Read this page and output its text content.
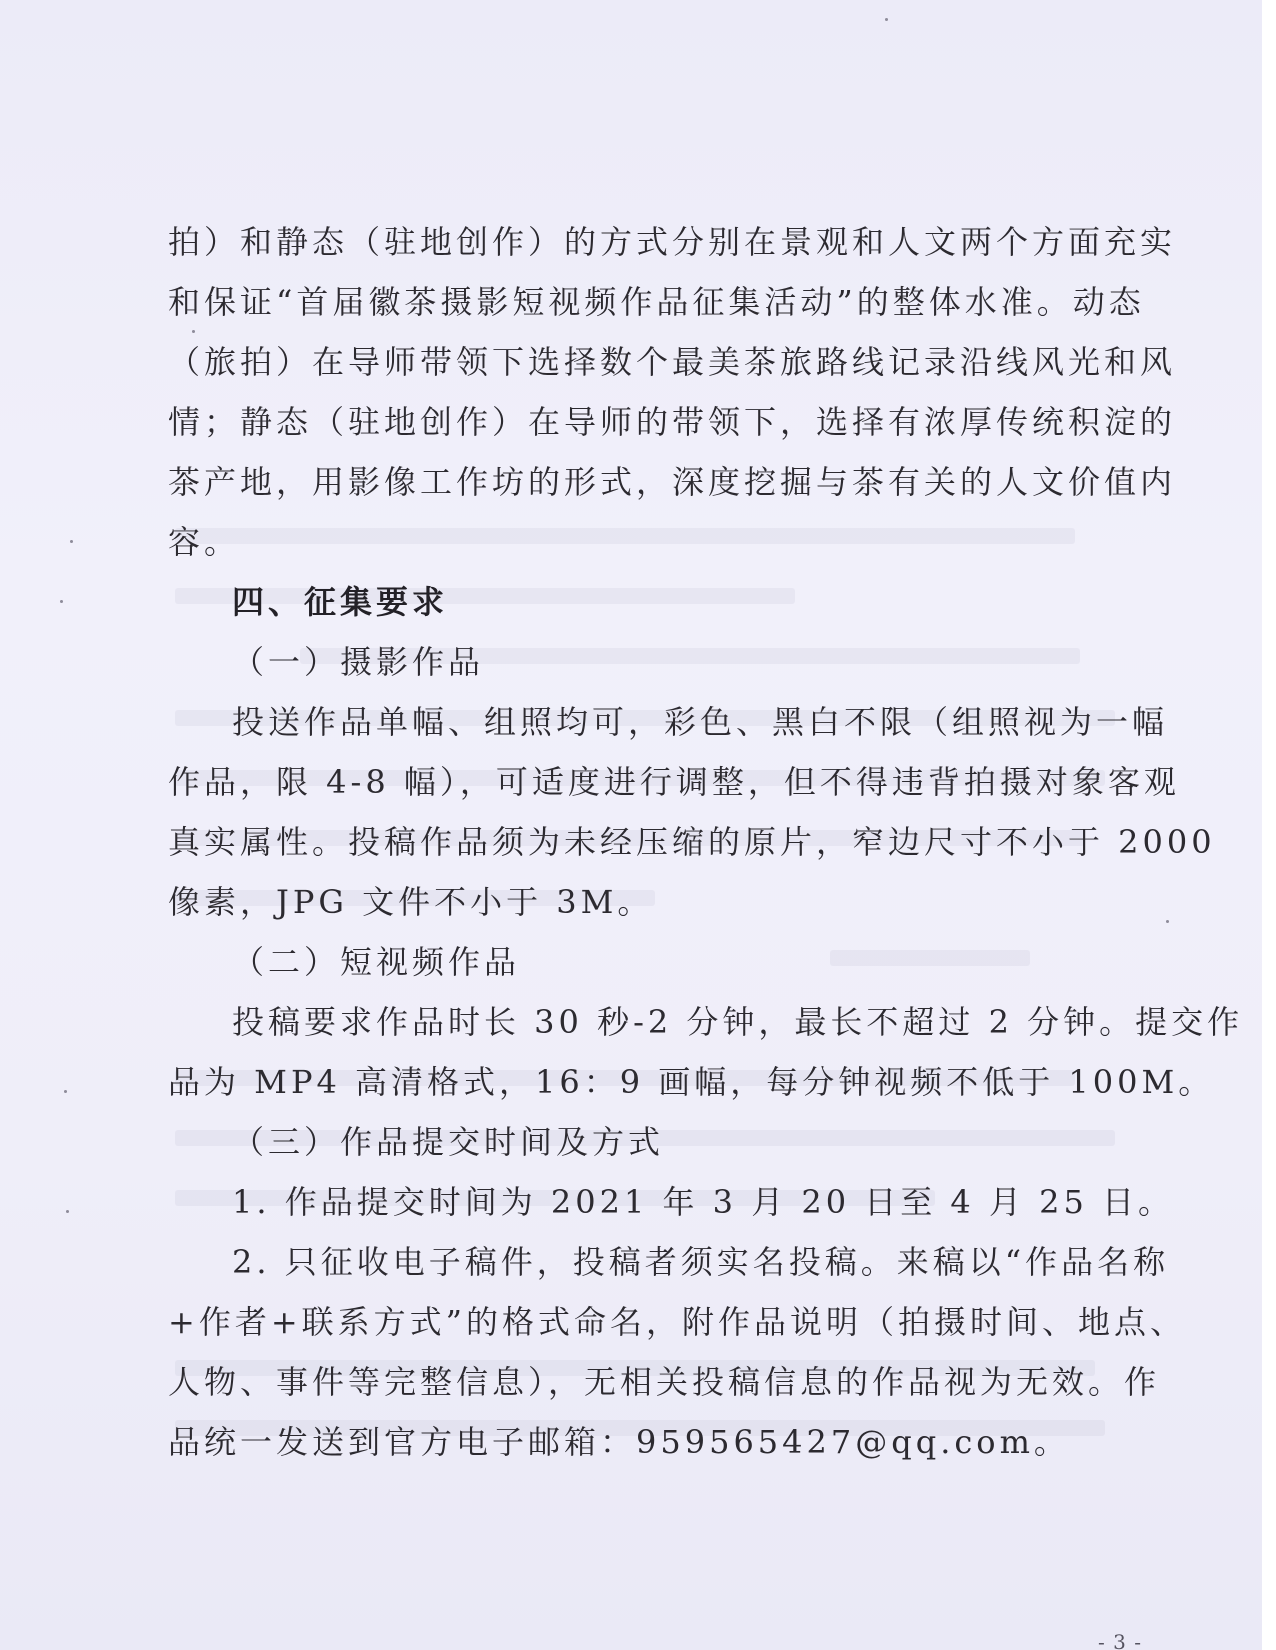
拍）和静态（驻地创作）的方式分别在景观和人文两个方面充实
和保证“首届徽茶摄影短视频作品征集活动”的整体水准。动态
（旅拍）在导师带领下选择数个最美茶旅路线记录沿线风光和风
情；静态（驻地创作）在导师的带领下，选择有浓厚传统积淀的
茶产地，用影像工作坊的形式，深度挖掘与茶有关的人文价值内
容。
四、征集要求
（一）摄影作品
投送作品单幅、组照均可，彩色、黑白不限（组照视为一幅
作品，限 4-8 幅），可适度进行调整，但不得违背拍摄对象客观
真实属性。投稿作品须为未经压缩的原片，窄边尺寸不小于 2000
像素，JPG 文件不小于 3M。
（二）短视频作品
投稿要求作品时长 30 秒-2 分钟，最长不超过 2 分钟。提交作
品为 MP4 高清格式，16：9 画幅，每分钟视频不低于 100M。
（三）作品提交时间及方式
1. 作品提交时间为 2021 年 3 月 20 日至 4 月 25 日。
2. 只征收电子稿件，投稿者须实名投稿。来稿以“作品名称
+作者+联系方式”的格式命名，附作品说明（拍摄时间、地点、
人物、事件等完整信息），无相关投稿信息的作品视为无效。作
品统一发送到官方电子邮箱：959565427@qq.com。
- 3 -
